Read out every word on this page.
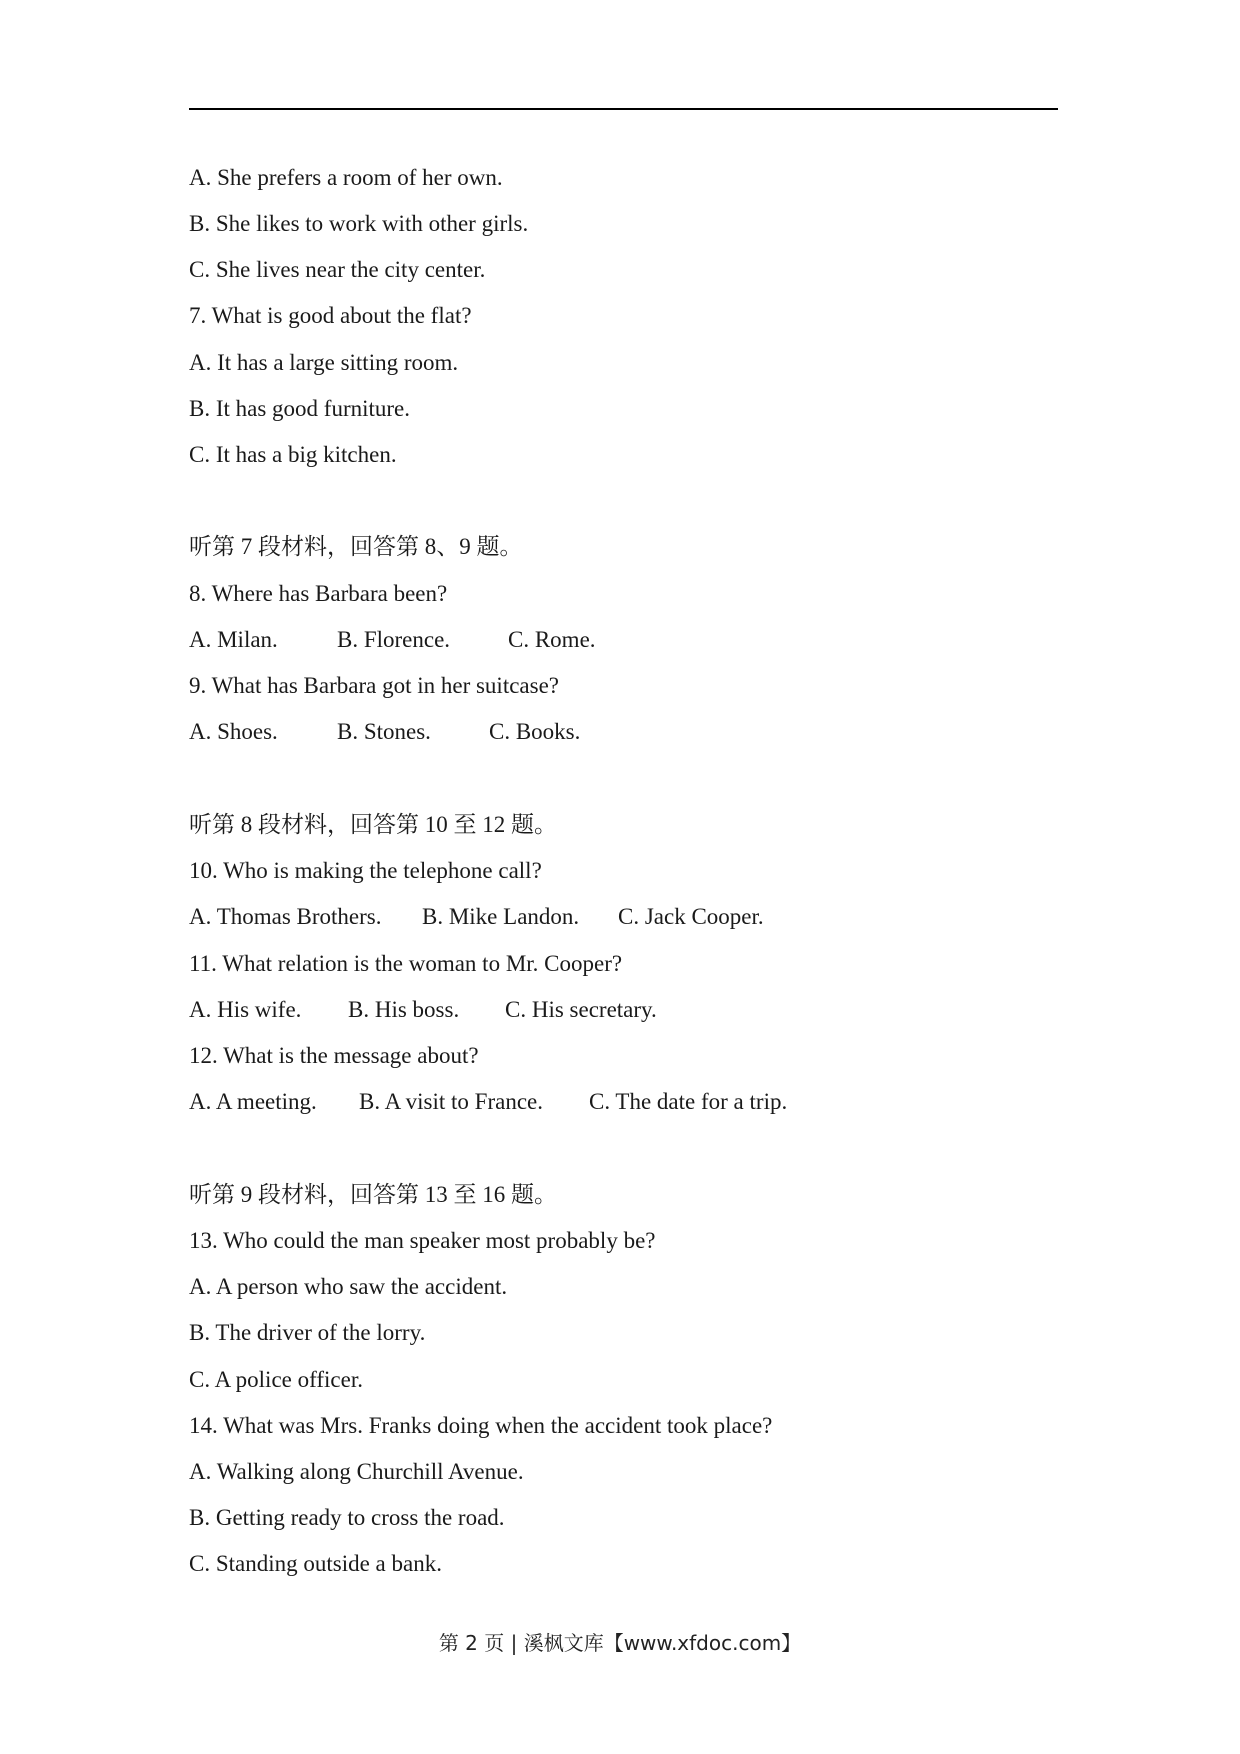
A. She prefers a room of her own.
B. She likes to work with other girls.
C. She lives near the city center.
7. What is good about the flat?
A. It has a large sitting room.
B. It has good furniture.
C. It has a big kitchen.
听第 7 段材料，回答第 8、9 题。
8. Where has Barbara been?
A. Milan.	B. Florence.	C. Rome.
9. What has Barbara got in her suitcase?
A. Shoes.	B. Stones.	C. Books.
听第 8 段材料，回答第 10 至 12 题。
10. Who is making the telephone call?
A. Thomas Brothers. B. Mike Landon. C. Jack Cooper.
11. What relation is the woman to Mr. Cooper?
A. His wife. B. His boss. C. His secretary.
12. What is the message about?
A. A meeting. B. A visit to France. C. The date for a trip.
听第 9 段材料，回答第 13 至 16 题。
13. Who could the man speaker most probably be?
A. A person who saw the accident.
B. The driver of the lorry.
C. A police officer.
14. What was Mrs. Franks doing when the accident took place?
A. Walking along Churchill Avenue.
B. Getting ready to cross the road.
C. Standing outside a bank.
第 2 页 | 溪枫文库【www.xfdoc.com】
